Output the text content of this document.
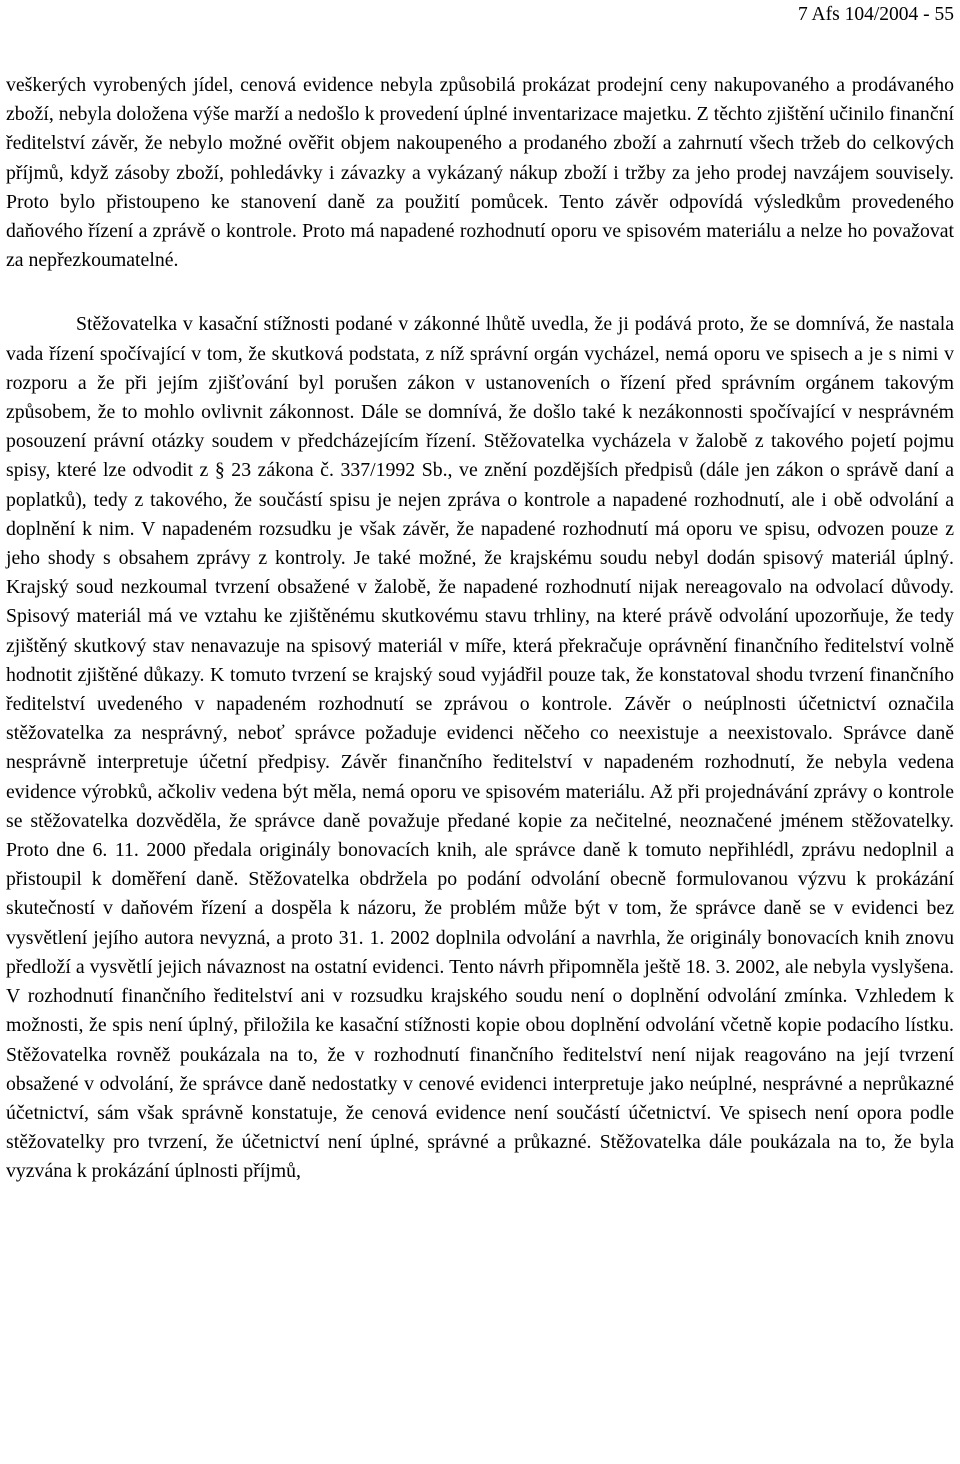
7 Afs 104/2004 - 55

veškerých vyrobených jídel, cenová evidence nebyla způsobilá prokázat prodejní ceny nakupovaného a prodávaného zboží, nebyla doložena výše marží a nedošlo k provedení úplné inventarizace majetku. Z těchto zjištění učinilo finanční ředitelství závěr, že nebylo možné ověřit objem nakoupeného a prodaného zboží a zahrnutí všech tržeb do celkových příjmů, když zásoby zboží, pohledávky i závazky a vykázaný nákup zboží i tržby za jeho prodej navzájem souvisely. Proto bylo přistoupeno ke stanovení daně za použití pomůcek. Tento závěr odpovídá výsledkům provedeného daňového řízení a zprávě o kontrole. Proto má napadené rozhodnutí oporu ve spisovém materiálu a nelze ho považovat za nepřezkoumatelné.

Stěžovatelka v kasační stížnosti podané v zákonné lhůtě uvedla, že ji podává proto, že se domnívá, že nastala vada řízení spočívající v tom, že skutková podstata, z níž správní orgán vycházel, nemá oporu ve spisech a je s nimi v rozporu a že při jejím zjišťování byl porušen zákon v ustanoveních o řízení před správním orgánem takovým způsobem, že to mohlo ovlivnit zákonnost. Dále se domnívá, že došlo také k nezákonnosti spočívající v nesprávném posouzení právní otázky soudem v předcházejícím řízení. Stěžovatelka vycházela v žalobě z takového pojetí pojmu spisy, které lze odvodit z § 23 zákona č. 337/1992 Sb., ve znění pozdějších předpisů (dále jen zákon o správě daní a poplatků), tedy z takového, že součástí spisu je nejen zpráva o kontrole a napadené rozhodnutí, ale i obě odvolání a doplnění k nim. V napadeném rozsudku je však závěr, že napadené rozhodnutí má oporu ve spisu, odvozen pouze z jeho shody s obsahem zprávy z kontroly. Je také možné, že krajskému soudu nebyl dodán spisový materiál úplný. Krajský soud nezkoumal tvrzení obsažené v žalobě, že napadené rozhodnutí nijak nereagovalo na odvolací důvody. Spisový materiál má ve vztahu ke zjištěnému skutkovému stavu trhliny, na které právě odvolání upozorňuje, že tedy zjištěný skutkový stav nenavazuje na spisový materiál v míře, která překračuje oprávnění finančního ředitelství volně hodnotit zjištěné důkazy. K tomuto tvrzení se krajský soud vyjádřil pouze tak, že konstatoval shodu tvrzení finančního ředitelství uvedeného v napadeném rozhodnutí se zprávou o kontrole. Závěr o neúplnosti účetnictví označila stěžovatelka za nesprávný, neboť správce požaduje evidenci něčeho co neexistuje a neexistovalo. Správce daně nesprávně interpretuje účetní předpisy. Závěr finančního ředitelství v napadeném rozhodnutí, že nebyla vedena evidence výrobků, ačkoliv vedena být měla, nemá oporu ve spisovém materiálu. Až při projednávání zprávy o kontrole se stěžovatelka dozvěděla, že správce daně považuje předané kopie za nečitelné, neoznačené jménem stěžovatelky. Proto dne 6. 11. 2000 předala originály bonovacích knih, ale správce daně k tomuto nepřihlédl, zprávu nedoplnil a přistoupil k doměření daně. Stěžovatelka obdržela po podání odvolání obecně formulovanou výzvu k prokázání skutečností v daňovém řízení a dospěla k názoru, že problém může být v tom, že správce daně se v evidenci bez vysvětlení jejího autora nevyzná, a proto 31. 1. 2002 doplnila odvolání a navrhla, že originály bonovacích knih znovu předloží a vysvětlí jejich návaznost na ostatní evidenci. Tento návrh připomněla ještě 18. 3. 2002, ale nebyla vyslyšena. V rozhodnutí finančního ředitelství ani v rozsudku krajského soudu není o doplnění odvolání zmínka. Vzhledem k možnosti, že spis není úplný, přiložila ke kasační stížnosti kopie obou doplnění odvolání včetně kopie podacího lístku. Stěžovatelka rovněž poukázala na to, že v rozhodnutí finančního ředitelství není nijak reagováno na její tvrzení obsažené v odvolání, že správce daně nedostatky v cenové evidenci interpretuje jako neúplné, nesprávné a neprůkazné účetnictví, sám však správně konstatuje, že cenová evidence není součástí účetnictví. Ve spisech není opora podle stěžovatelky pro tvrzení, že účetnictví není úplné, správné a průkazné. Stěžovatelka dále poukázala na to, že byla vyzvána k prokázání úplnosti příjmů,
